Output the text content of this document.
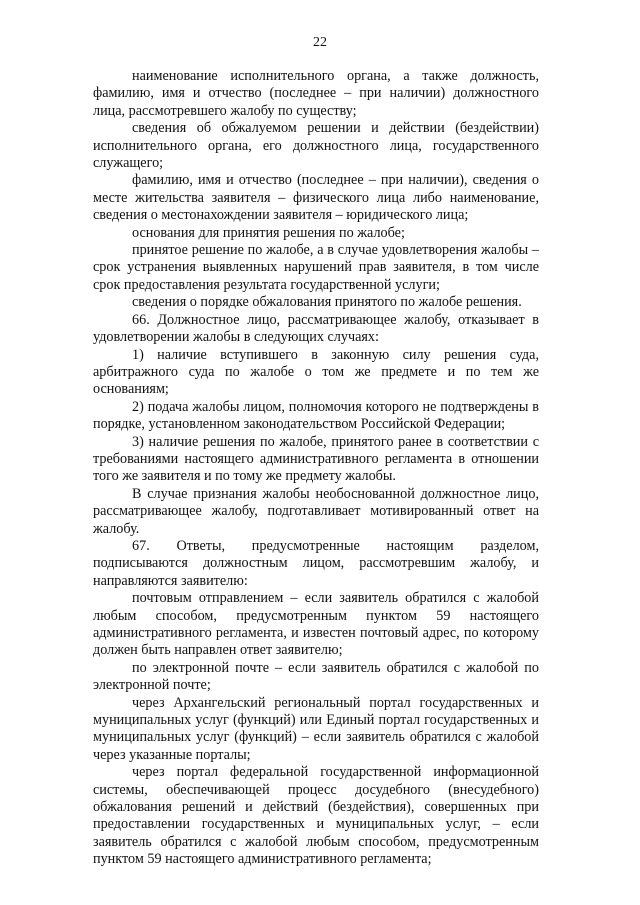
22

наименование исполнительного органа, а также должность, фамилию, имя и отчество (последнее – при наличии) должностного лица, рассмотревшего жалобу по существу;

сведения об обжалуемом решении и действии (бездействии) исполнительного органа, его должностного лица, государственного служащего;

фамилию, имя и отчество (последнее – при наличии), сведения о месте жительства заявителя – физического лица либо наименование, сведения о местонахождении заявителя – юридического лица;

основания для принятия решения по жалобе;

принятое решение по жалобе, а в случае удовлетворения жалобы – срок устранения выявленных нарушений прав заявителя, в том числе срок предоставления результата государственной услуги;

сведения о порядке обжалования принятого по жалобе решения.

66. Должностное лицо, рассматривающее жалобу, отказывает в удовлетворении жалобы в следующих случаях:

1) наличие вступившего в законную силу решения суда, арбитражного суда по жалобе о том же предмете и по тем же основаниям;

2) подача жалобы лицом, полномочия которого не подтверждены в порядке, установленном законодательством Российской Федерации;

3) наличие решения по жалобе, принятого ранее в соответствии с требованиями настоящего административного регламента в отношении того же заявителя и по тому же предмету жалобы.

В случае признания жалобы необоснованной должностное лицо, рассматривающее жалобу, подготавливает мотивированный ответ на жалобу.

67. Ответы, предусмотренные настоящим разделом, подписываются должностным лицом, рассмотревшим жалобу, и направляются заявителю:

почтовым отправлением – если заявитель обратился с жалобой любым способом, предусмотренным пунктом 59 настоящего административного регламента, и известен почтовый адрес, по которому должен быть направлен ответ заявителю;

по электронной почте – если заявитель обратился с жалобой по электронной почте;

через Архангельский региональный портал государственных и муниципальных услуг (функций) или Единый портал государственных и муниципальных услуг (функций) – если заявитель обратился с жалобой через указанные порталы;

через портал федеральной государственной информационной системы, обеспечивающей процесс досудебного (внесудебного) обжалования решений и действий (бездействия), совершенных при предоставлении государственных и муниципальных услуг, – если заявитель обратился с жалобой любым способом, предусмотренным пунктом 59 настоящего административного регламента;
